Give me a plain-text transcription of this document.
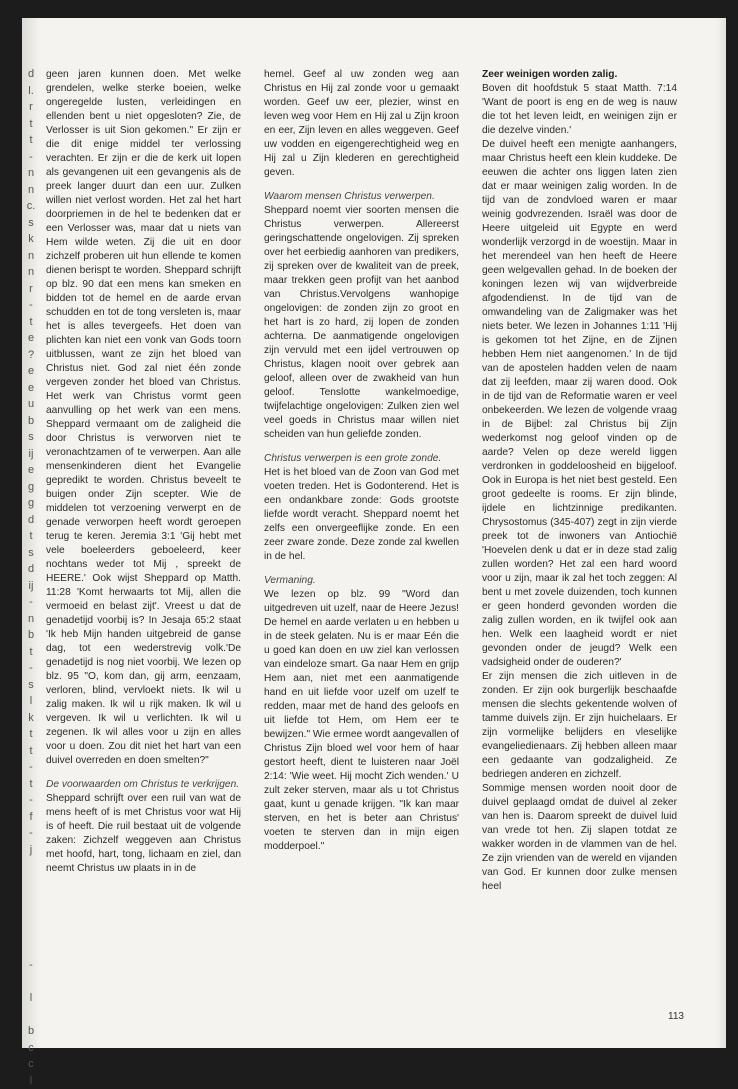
d
l.
r
t
t
-
n
n
c.
s
k
n
n
r
-
t
e
?
e
e
u
b
s
ij
e
g
g
d
t
s
d
ij
-
n
b
t
-
s
l
k
t
t
-
t
-
f
-
j
-
l
b
c
c
l

geen jaren kunnen doen. Met welke grendelen, welke sterke boeien, welke ongeregelde lusten, verleidingen en ellenden bent u niet opgesloten? Zie, de Verlosser is uit Sion gekomen." Er zijn er die dit enige middel ter verlossing verachten. Er zijn er die de kerk uit lopen als gevangenen uit een gevangenis als de preek langer duurt dan een uur. Zulken willen niet verlost worden. Het zal het hart doorpriemen in de hel te bedenken dat er een Verlosser was, maar dat u niets van Hem wilde weten. Zij die uit en door zichzelf proberen uit hun ellende te komen dienen berispt te worden. Sheppard schrijft op blz. 90 dat een mens kan smeken en bidden tot de hemel en de aarde ervan schudden en tot de tong versleten is, maar het is alles tevergeefs. Het doen van plichten kan niet een vonk van Gods toorn uitblussen, want ze zijn het bloed van Christus niet. God zal niet één zonde vergeven zonder het bloed van Christus. Het werk van Christus vormt geen aanvulling op het werk van een mens. Sheppard vermaant om de zaligheid die door Christus is verworven niet te veronachtzamen of te verwerpen. Aan alle mensenkinderen dient het Evangelie gepredikt te worden. Christus beveelt te buigen onder Zijn scepter. Wie de middelen tot verzoening verwerpt en de genade verworpen heeft wordt geroepen terug te keren. Jeremia 3:1 'Gij hebt met vele boeleerders geboeleerd, keer nochtans weder tot Mij , spreekt de HEERE.' Ook wijst Sheppard op Matth. 11:28 'Komt herwaarts tot Mij, allen die vermoeid en belast zijt'. Vreest u dat de genadetijd voorbij is? In Jesaja 65:2 staat 'Ik heb Mijn handen uitgebreid de ganse dag, tot een wederstrevig volk.'De genadetijd is nog niet voorbij. We lezen op blz. 95 "O, kom dan, gij arm, eenzaam, verloren, blind, vervloekt niets. Ik wil u zalig maken. Ik wil u rijk maken. Ik wil u vergeven. Ik wil u verlichten. Ik wil u zegenen. Ik wil alles voor u zijn en alles voor u doen. Zou dit niet het hart van een duivel overreden en doen smelten?"

De voorwaarden om Christus te verkrijgen.

Sheppard schrijft over een ruil van wat de mens heeft of is met Christus voor wat Hij is of heeft. Die ruil bestaat uit de volgende zaken: Zichzelf weggeven aan Christus met hoofd, hart, tong, lichaam en ziel, dan neemt Christus uw plaats in in de

hemel. Geef al uw zonden weg aan Christus en Hij zal zonde voor u gemaakt worden. Geef uw eer, plezier, winst en leven weg voor Hem en Hij zal u Zijn kroon en eer, Zijn leven en alles weggeven. Geef uw vodden en eigengerechtigheid weg en Hij zal u Zijn klederen en gerechtigheid geven.

Waarom mensen Christus verwerpen.

Sheppard noemt vier soorten mensen die Christus verwerpen. Allereerst geringschattende ongelovigen. Zij spreken over het eerbiedig aanhoren van predikers, zij spreken over de kwaliteit van de preek, maar trekken geen profijt van het aanbod van Christus.Vervolgens wanhopige ongelovigen: de zonden zijn zo groot en het hart is zo hard, zij lopen de zonden achterna. De aanmatigende ongelovigen zijn vervuld met een ijdel vertrouwen op Christus, klagen nooit over gebrek aan geloof, alleen over de zwakheid van hun geloof. Tenslotte wankelmoedige, twijfelachtige ongelovigen: Zulken zien wel veel goeds in Christus maar willen niet scheiden van hun geliefde zonden.

Christus verwerpen is een grote zonde.

Het is het bloed van de Zoon van God met voeten treden. Het is Godonterend. Het is een ondankbare zonde: Gods grootste liefde wordt veracht. Sheppard noemt het zelfs een onvergeeflijke zonde. En een zeer zware zonde. Deze zonde zal kwellen in de hel.

Vermaning.

We lezen op blz. 99 "Word dan uitgedreven uit uzelf, naar de Heere Jezus! De hemel en aarde verlaten u en hebben u in de steek gelaten. Nu is er maar Eén die u goed kan doen en uw ziel kan verlossen van eindeloze smart. Ga naar Hem en grijp Hem aan, niet met een aanmatigende hand en uit liefde voor uzelf om uzelf te redden, maar met de hand des geloofs en uit liefde tot Hem, om Hem eer te bewijzen." Wie ermee wordt aangevallen of Christus Zijn bloed wel voor hem of haar gestort heeft, dient te luisteren naar Joël 2:14: 'Wie weet. Hij mocht Zich wenden.' U zult zeker sterven, maar als u tot Christus gaat, kunt u genade krijgen. "Ik kan maar sterven, en het is beter aan Christus' voeten te sterven dan in mijn eigen modderpoel."

Zeer weinigen worden zalig.

Boven dit hoofdstuk 5 staat Matth. 7:14 'Want de poort is eng en de weg is nauw die tot het leven leidt, en weinigen zijn er die dezelve vinden.'

De duivel heeft een menigte aanhangers, maar Christus heeft een klein kuddeke. De eeuwen die achter ons liggen laten zien dat er maar weinigen zalig worden. In de tijd van de zondvloed waren er maar weinig godvrezenden. Israël was door de Heere uitgeleid uit Egypte en werd wonderlijk verzorgd in de woestijn. Maar in het merendeel van hen heeft de Heere geen welgevallen gehad. In de boeken der koningen lezen wij van wijdverbreide afgodendienst. In de tijd van de omwandeling van de Zaligmaker was het niets beter. We lezen in Johannes 1:11 'Hij is gekomen tot het Zijne, en de Zijnen hebben Hem niet aangenomen.' In de tijd van de apostelen hadden velen de naam dat zij leefden, maar zij waren dood. Ook in de tijd van de Reformatie waren er veel onbekeerden. We lezen de volgende vraag in de Bijbel: zal Christus bij Zijn wederkomst nog geloof vinden op de aarde? Velen op deze wereld liggen verdronken in goddeloosheid en bijgeloof. Ook in Europa is het niet best gesteld. Een groot gedeelte is rooms. Er zijn blinde, ijdele en lichtzinnige predikanten. Chrysostomus (345-407) zegt in zijn vierde preek tot de inwoners van Antiochië 'Hoevelen denk u dat er in deze stad zalig zullen worden? Het zal een hard woord voor u zijn, maar ik zal het toch zeggen: Al bent u met zovele duizenden, toch kunnen er geen honderd gevonden worden die zalig zullen worden, en ik twijfel ook aan hen. Welk een laagheid wordt er niet gevonden onder de jeugd? Welk een vadsigheid onder de ouderen?'

Er zijn mensen die zich uitleven in de zonden. Er zijn ook burgerlijk beschaafde mensen die slechts gekentende wolven of tamme duivels zijn. Er zijn huichelaars. Er zijn vormelijke belijders en vleselijke evangeliedienaars. Zij hebben alleen maar een gedaante van godzaligheid. Ze bedriegen anderen en zichzelf.

Sommige mensen worden nooit door de duivel geplaagd omdat de duivel al zeker van hen is. Daarom spreekt de duivel luid van vrede tot hen. Zij slapen totdat ze wakker worden in de vlammen van de hel. Ze zijn vrienden van de wereld en vijanden van God. Er kunnen door zulke mensen heel

113
